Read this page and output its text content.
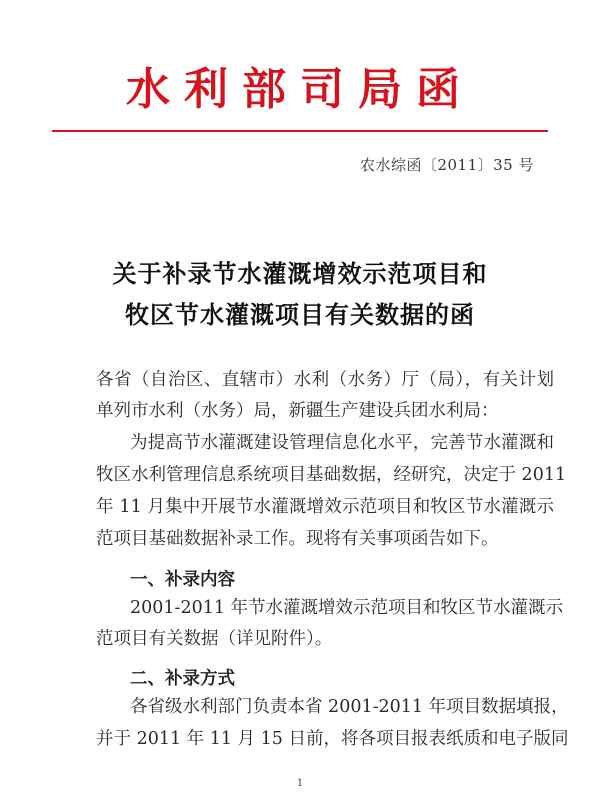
水利部司局函
农水综函〔2011〕35 号
关于补录节水灌溉增效示范项目和
牧区节水灌溉项目有关数据的函
各省（自治区、直辖市）水利（水务）厅（局），有关计划
单列市水利（水务）局，新疆生产建设兵团水利局：
为提高节水灌溉建设管理信息化水平，完善节水灌溉和
牧区水利管理信息系统项目基础数据，经研究，决定于 2011
年 11 月集中开展节水灌溉增效示范项目和牧区节水灌溉示
范项目基础数据补录工作。现将有关事项函告如下。
一、补录内容
2001-2011 年节水灌溉增效示范项目和牧区节水灌溉示
范项目有关数据（详见附件）。
二、补录方式
各省级水利部门负责本省 2001-2011 年项目数据填报，
并于 2011 年 11 月 15 日前，将各项目报表纸质和电子版同
1
